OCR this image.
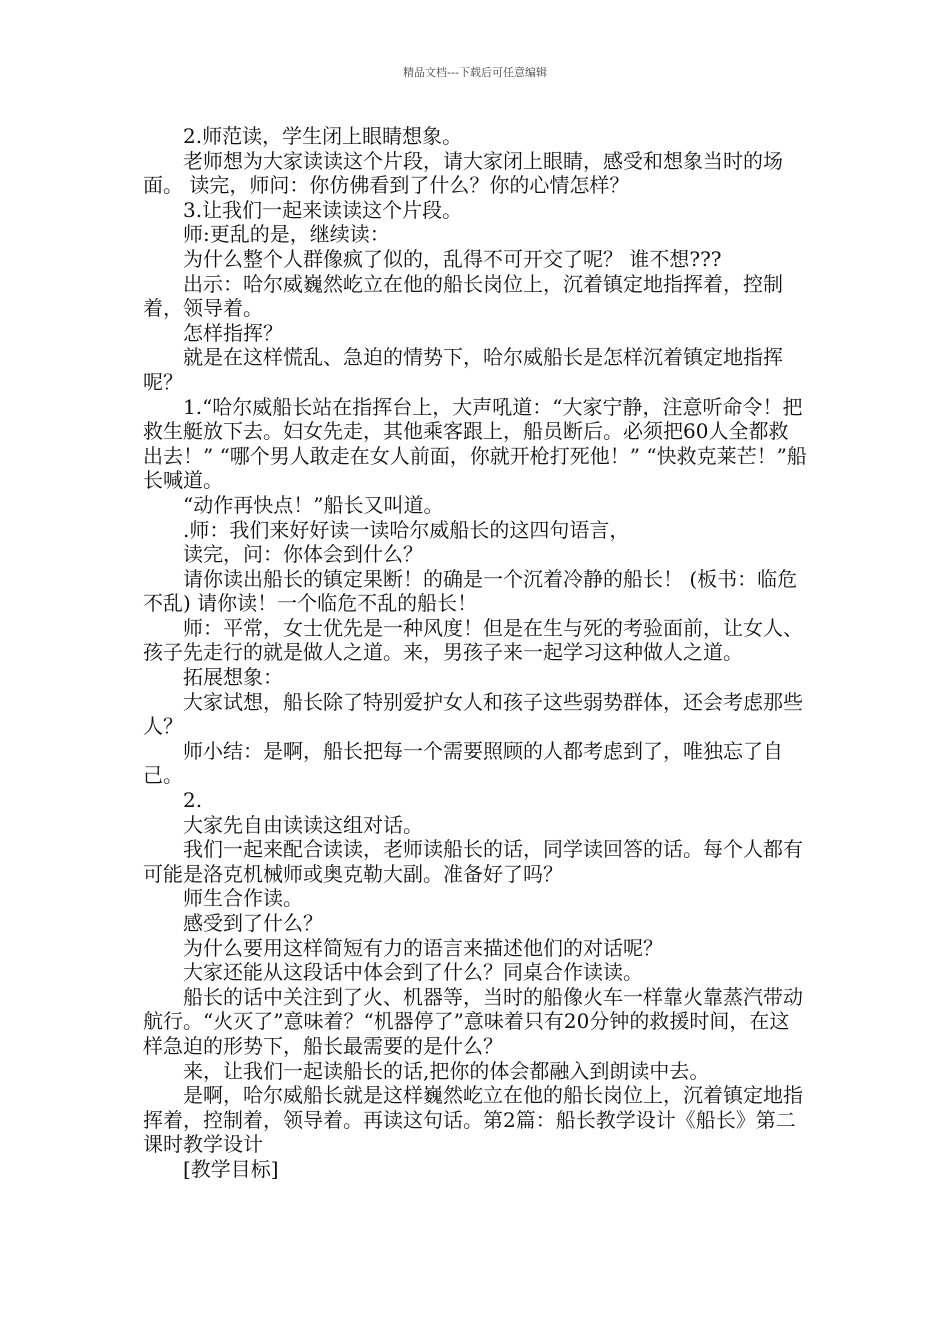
精品文档---下载后可任意编辑

2.师范读，学生闭上眼睛想象。

老师想为大家读读这个片段，请大家闭上眼睛，感受和想象当时的场面。 读完，师问：你仿佛看到了什么？你的心情怎样？

3.让我们一起来读读这个片段。

师:更乱的是，继续读：

为什么整个人群像疯了似的，乱得不可开交了呢？ 谁不想???

出示：哈尔威巍然屹立在他的船长岗位上，沉着镇定地指挥着，控制着，领导着。

怎样指挥？

就是在这样慌乱、急迫的情势下，哈尔威船长是怎样沉着镇定地指挥呢？

1.“哈尔威船长站在指挥台上，大声吼道：“大家宁静，注意听命令！把救生艇放下去。妇女先走，其他乘客跟上，船员断后。必须把60人全都救出去！” “哪个男人敢走在女人前面，你就开枪打死他！” “快救克莱芒！”船长喊道。

“动作再快点！”船长又叫道。

.师：我们来好好读一读哈尔威船长的这四句语言，

读完，问：你体会到什么？

请你读出船长的镇定果断！的确是一个沉着冷静的船长！ (板书：临危不乱) 请你读！一个临危不乱的船长！

师：平常，女士优先是一种风度！但是在生与死的考验面前，让女人、孩子先走行的就是做人之道。来，男孩子来一起学习这种做人之道。

拓展想象：

大家试想，船长除了特别爱护女人和孩子这些弱势群体，还会考虑那些人？

师小结：是啊，船长把每一个需要照顾的人都考虑到了，唯独忘了自己。

2.

大家先自由读读这组对话。

我们一起来配合读读，老师读船长的话，同学读回答的话。每个人都有可能是洛克机械师或奥克勒大副。准备好了吗？

师生合作读。

感受到了什么？

为什么要用这样简短有力的语言来描述他们的对话呢？

大家还能从这段话中体会到了什么？同桌合作读读。

船长的话中关注到了火、机器等，当时的船像火车一样靠火靠蒸汽带动航行。“火灭了”意味着？“机器停了”意味着只有20分钟的救援时间，在这样急迫的形势下，船长最需要的是什么？

来，让我们一起读船长的话,把你的体会都融入到朗读中去。

是啊，哈尔威船长就是这样巍然屹立在他的船长岗位上，沉着镇定地指挥着，控制着，领导着。再读这句话。第2篇：船长教学设计《船长》第二课时教学设计

[教学目标]
